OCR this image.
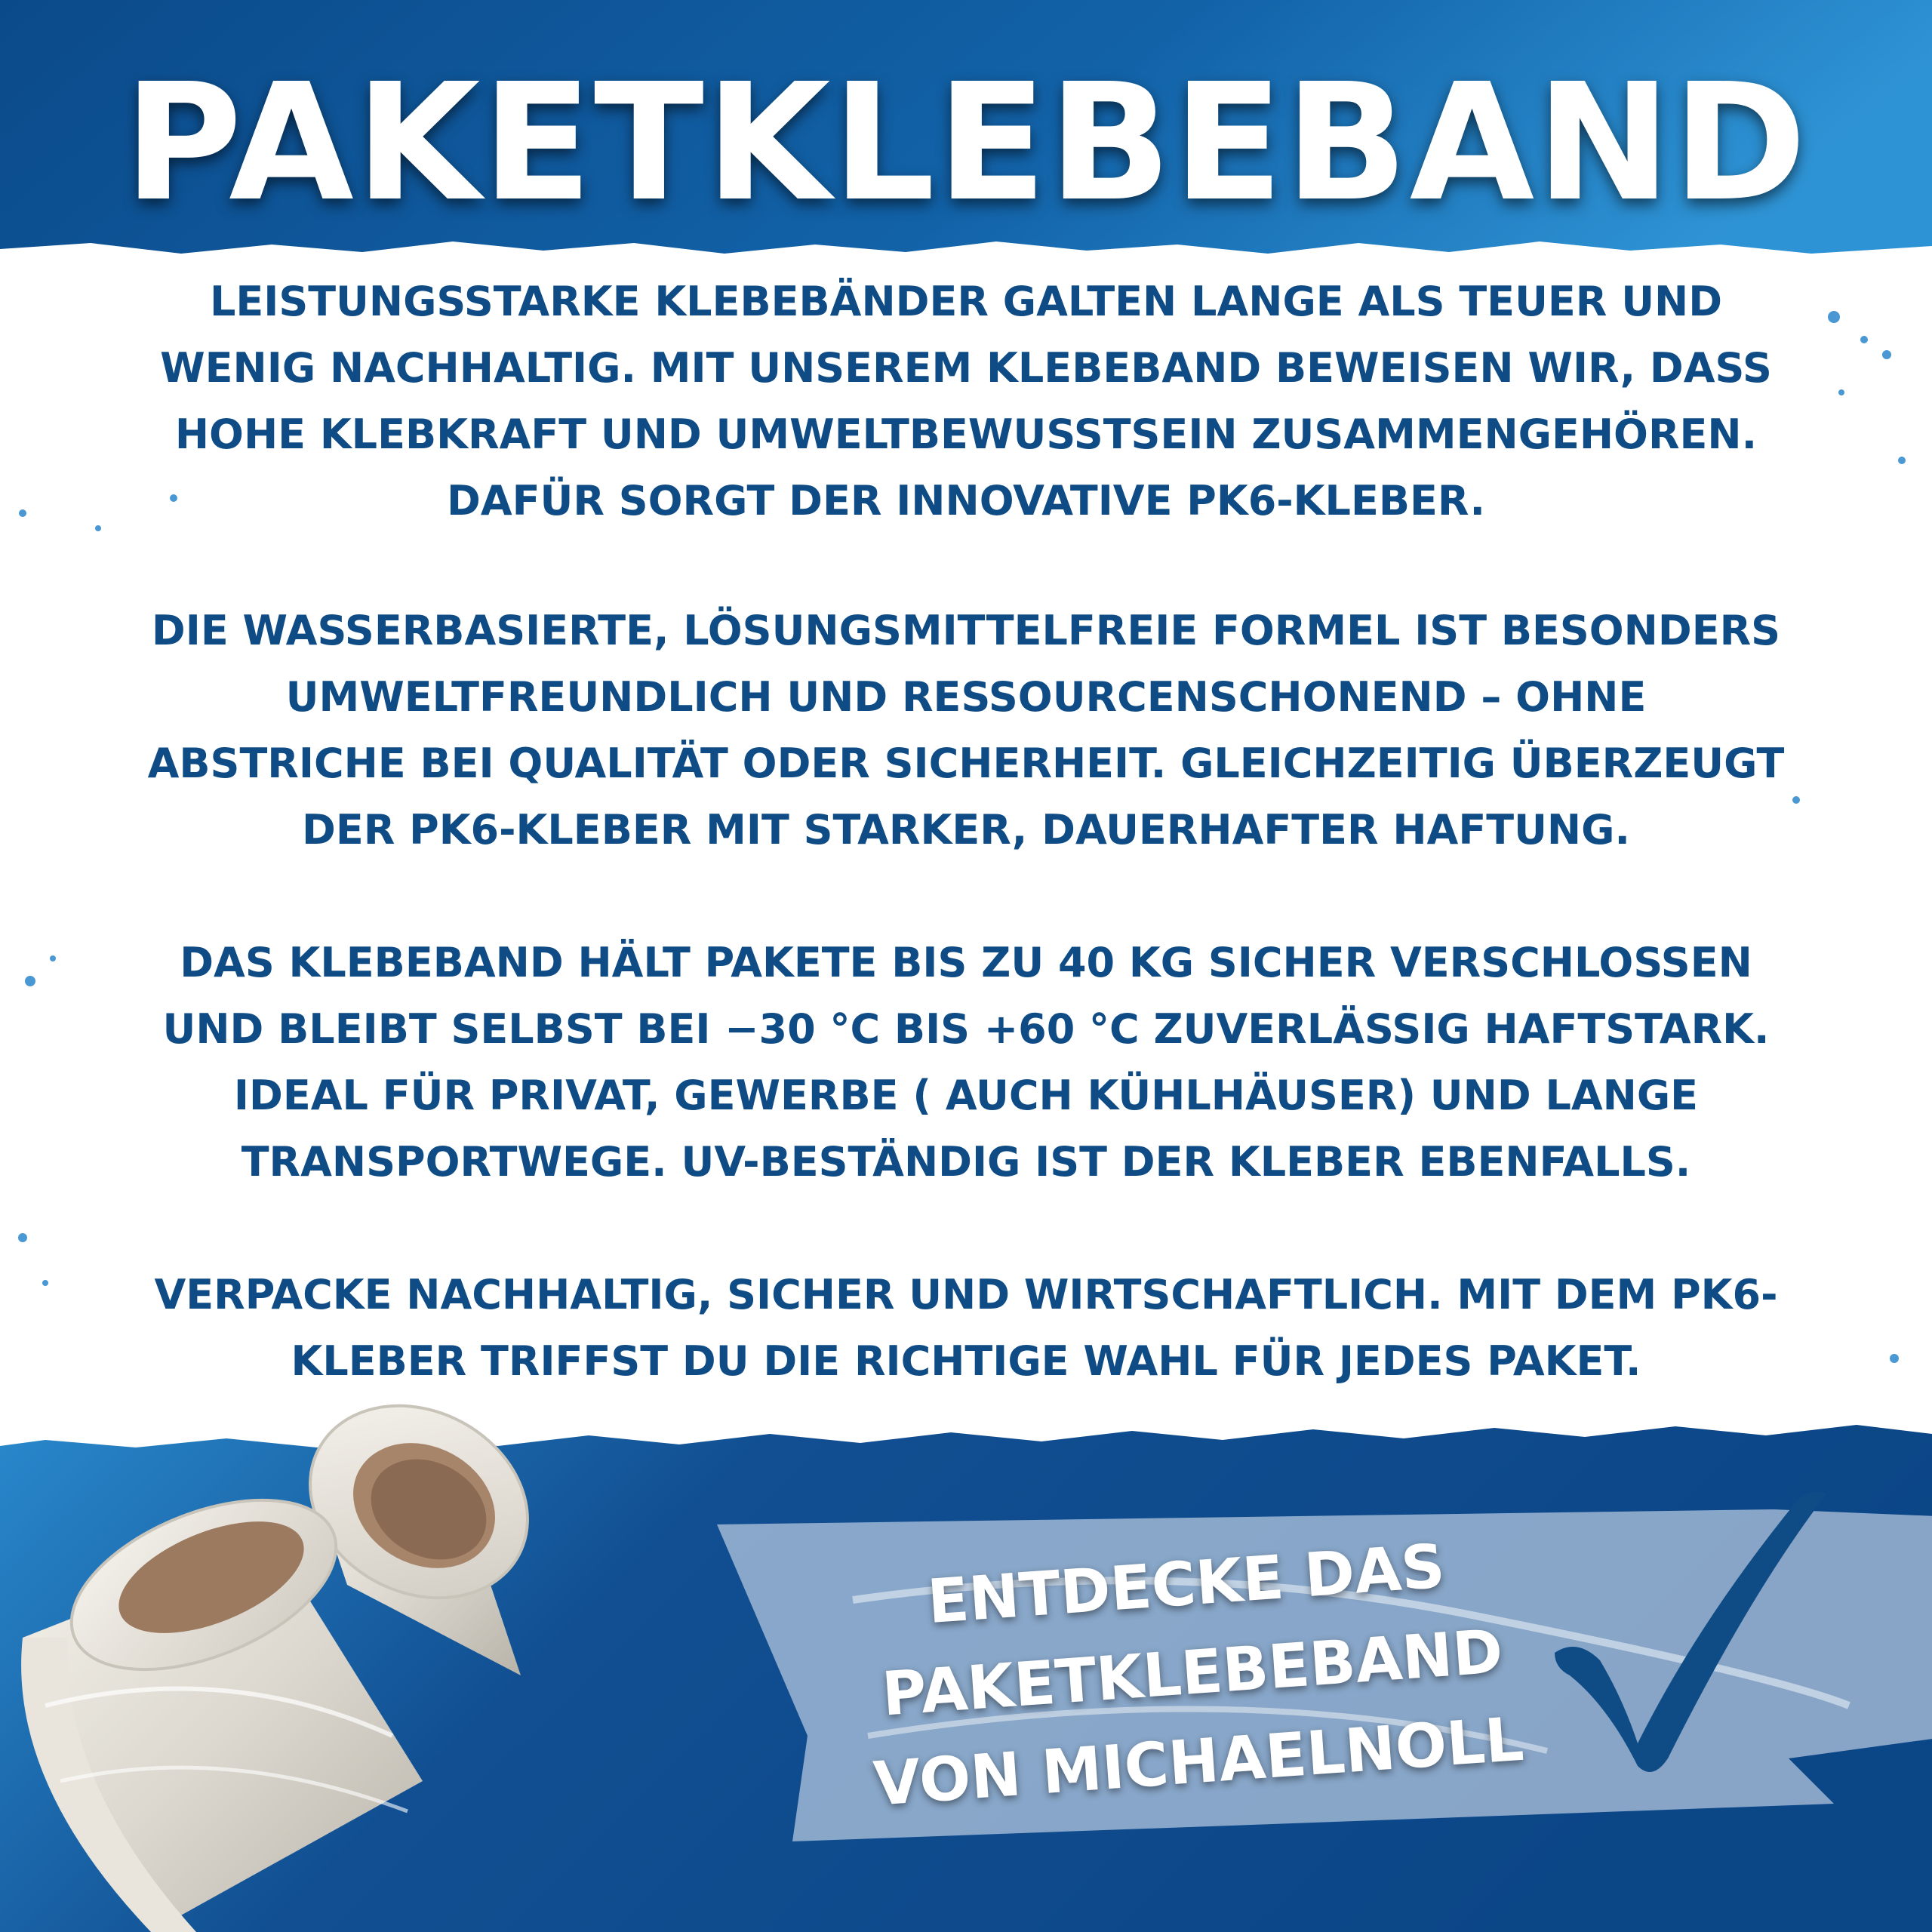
PAKETKLEBEBAND
LEISTUNGSSTARKE KLEBEBÄNDER GALTEN LANGE ALS TEUER UND
WENIG NACHHALTIG. MIT UNSEREM KLEBEBAND BEWEISEN WIR, DASS
HOHE KLEBKRAFT UND UMWELTBEWUSSTSEIN ZUSAMMENGEHÖREN.
DAFÜR SORGT DER INNOVATIVE PK6-KLEBER.
DIE WASSERBASIERTE, LÖSUNGSMITTELFREIE FORMEL IST BESONDERS
UMWELTFREUNDLICH UND RESSOURCENSCHONEND – OHNE
ABSTRICHE BEI QUALITÄT ODER SICHERHEIT. GLEICHZEITIG ÜBERZEUGT
DER PK6-KLEBER MIT STARKER, DAUERHAFTER HAFTUNG.
DAS KLEBEBAND HÄLT PAKETE BIS ZU 40 KG SICHER VERSCHLOSSEN
UND BLEIBT SELBST BEI −30 °C BIS +60 °C ZUVERLÄSSIG HAFTSTARK.
IDEAL FÜR PRIVAT, GEWERBE ( AUCH KÜHLHÄUSER) UND LANGE
TRANSPORTWEGE. UV-BESTÄNDIG IST DER KLEBER EBENFALLS.
VERPACKE NACHHALTIG, SICHER UND WIRTSCHAFTLICH. MIT DEM PK6-
KLEBER TRIFFST DU DIE RICHTIGE WAHL FÜR JEDES PAKET.
ENTDECKE DAS
PAKETKLEBEBAND
VON MICHAELNOLL
